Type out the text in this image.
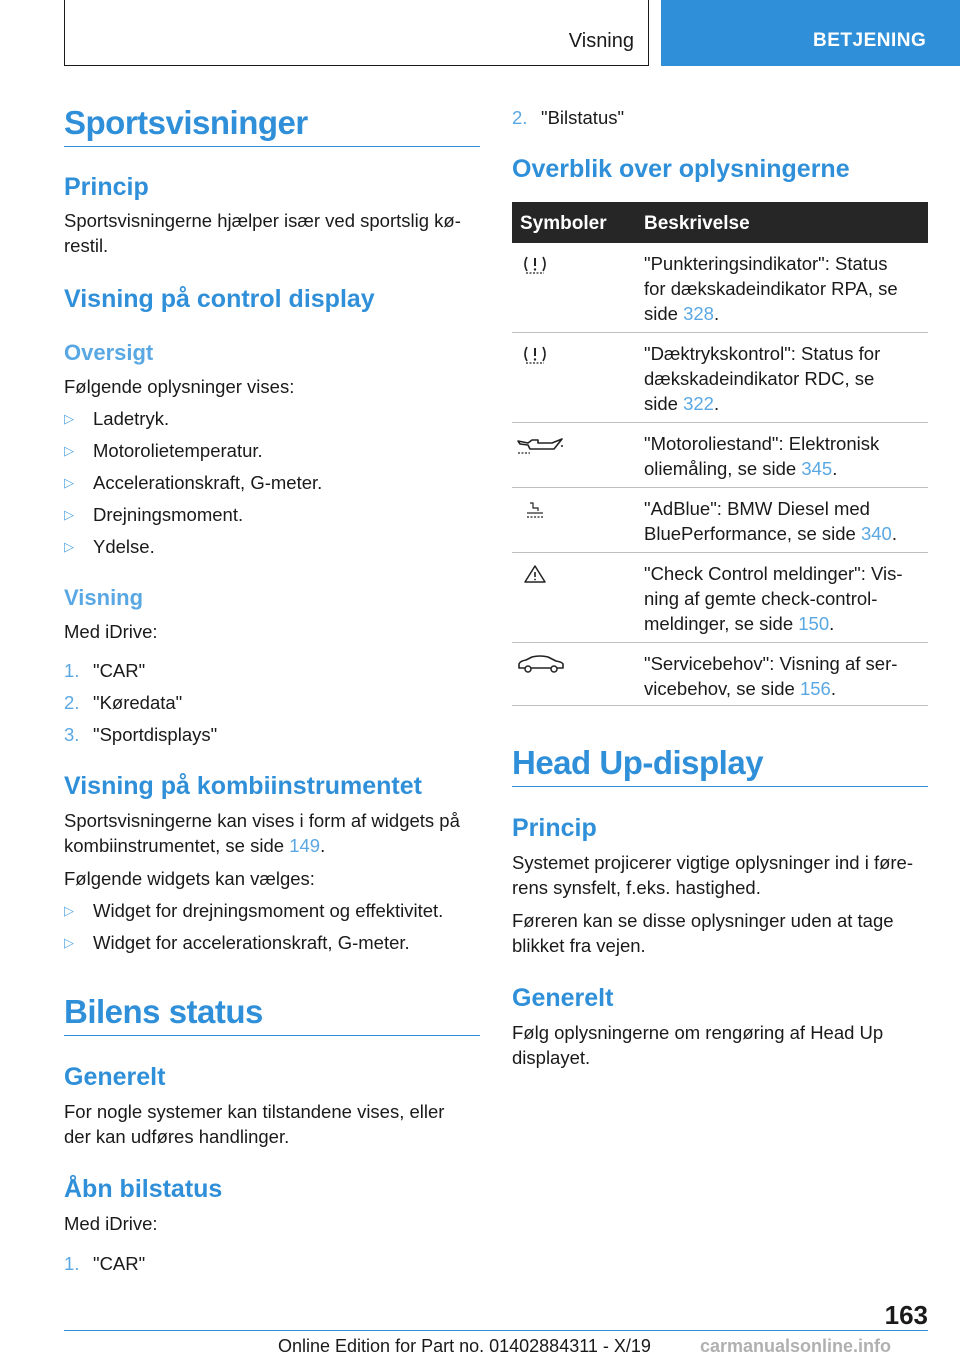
Visning	BETJENING
Sportsvisninger
Princip
Sportsvisningerne hjælper især ved sportslig kø-
restil.
Visning på control display
Oversigt
Følgende oplysninger vises:
▷ Ladetryk.
▷ Motorolietemperatur.
▷ Accelerationskraft, G-meter.
▷ Drejningsmoment.
▷ Ydelse.
Visning
Med iDrive:
1. "CAR"
2. "Køredata"
3. "Sportdisplays"
Visning på kombiinstrumentet
Sportsvisningerne kan vises i form af widgets på
kombiinstrumentet, se side 149.
Følgende widgets kan vælges:
▷ Widget for drejningsmoment og effektivitet.
▷ Widget for accelerationskraft, G-meter.
Bilens status
Generelt
For nogle systemer kan tilstandene vises, eller
der kan udføres handlinger.
Åbn bilstatus
Med iDrive:
1. "CAR"
2. "Bilstatus"
Overblik over oplysningerne
Symboler Beskrivelse
"Punkteringsindikator": Status
for dækskadeindikator RPA, se
side 328.
"Dæktrykskontrol": Status for
dækskadeindikator RDC, se
side 322.
"Motoroliestand": Elektronisk
oliemåling, se side 345.
"AdBlue": BMW Diesel med
BluePerformance, se side 340.
"Check Control meldinger": Vis-
ning af gemte check-control-
meldinger, se side 150.
"Servicebehov": Visning af ser-
vicebehov, se side 156.
Head Up-display
Princip
Systemet projicerer vigtige oplysninger ind i føre-
rens synsfelt, f.eks. hastighed.
Føreren kan se disse oplysninger uden at tage
blikket fra vejen.
Generelt
Følg oplysningerne om rengøring af Head Up
displayet.
163
Online Edition for Part no. 01402884311 - X/19	carmanualsonline.info
